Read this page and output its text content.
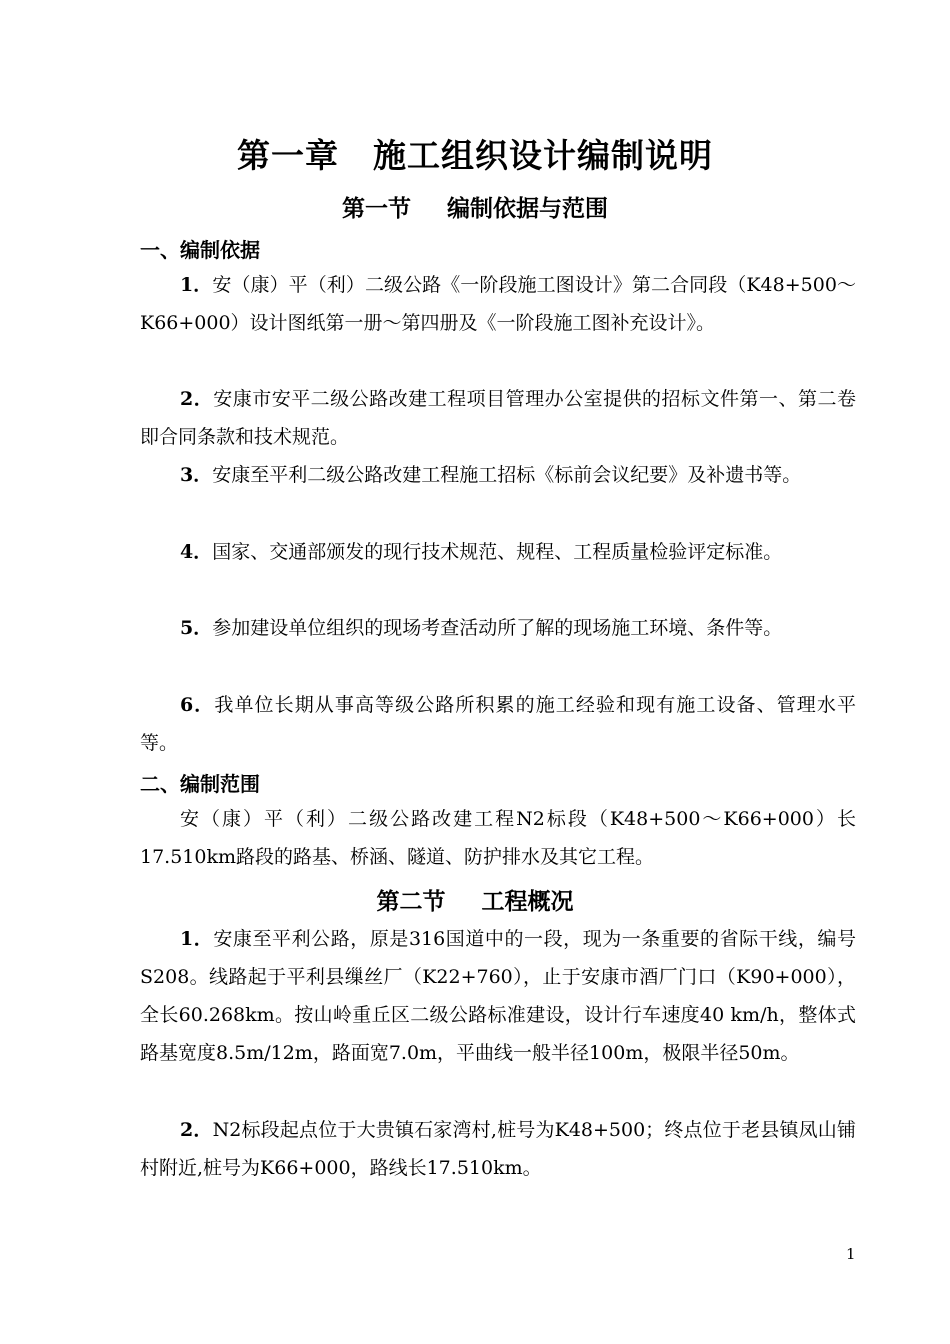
第一章　施工组织设计编制说明
第一节 编制依据与范围
一、编制依据

1．安（康）平（利）二级公路《一阶段施工图设计》第二合同段（K48+500～K66+000）设计图纸第一册～第四册及《一阶段施工图补充设计》。

2．安康市安平二级公路改建工程项目管理办公室提供的招标文件第一、第二卷即合同条款和技术规范。

3．安康至平利二级公路改建工程施工招标《标前会议纪要》及补遗书等。

4．国家、交通部颁发的现行技术规范、规程、工程质量检验评定标准。

5．参加建设单位组织的现场考查活动所了解的现场施工环境、条件等。

6．我单位长期从事高等级公路所积累的施工经验和现有施工设备、管理水平等。

二、编制范围

安（康）平（利）二级公路改建工程N2标段（K48+500～K66+000）长17.510km路段的路基、桥涵、隧道、防护排水及其它工程。

第二节 工程概况

1．安康至平利公路，原是316国道中的一段，现为一条重要的省际干线，编号S208。线路起于平利县缫丝厂（K22+760），止于安康市酒厂门口（K90+000），全长60.268km。按山岭重丘区二级公路标准建设，设计行车速度40 km/h，整体式路基宽度8.5m/12m，路面宽7.0m，平曲线一般半径100m，极限半径50m。

2．N2标段起点位于大贵镇石家湾村,桩号为K48+500；终点位于老县镇凤山铺村附近,桩号为K66+000，路线长17.510km。

1
